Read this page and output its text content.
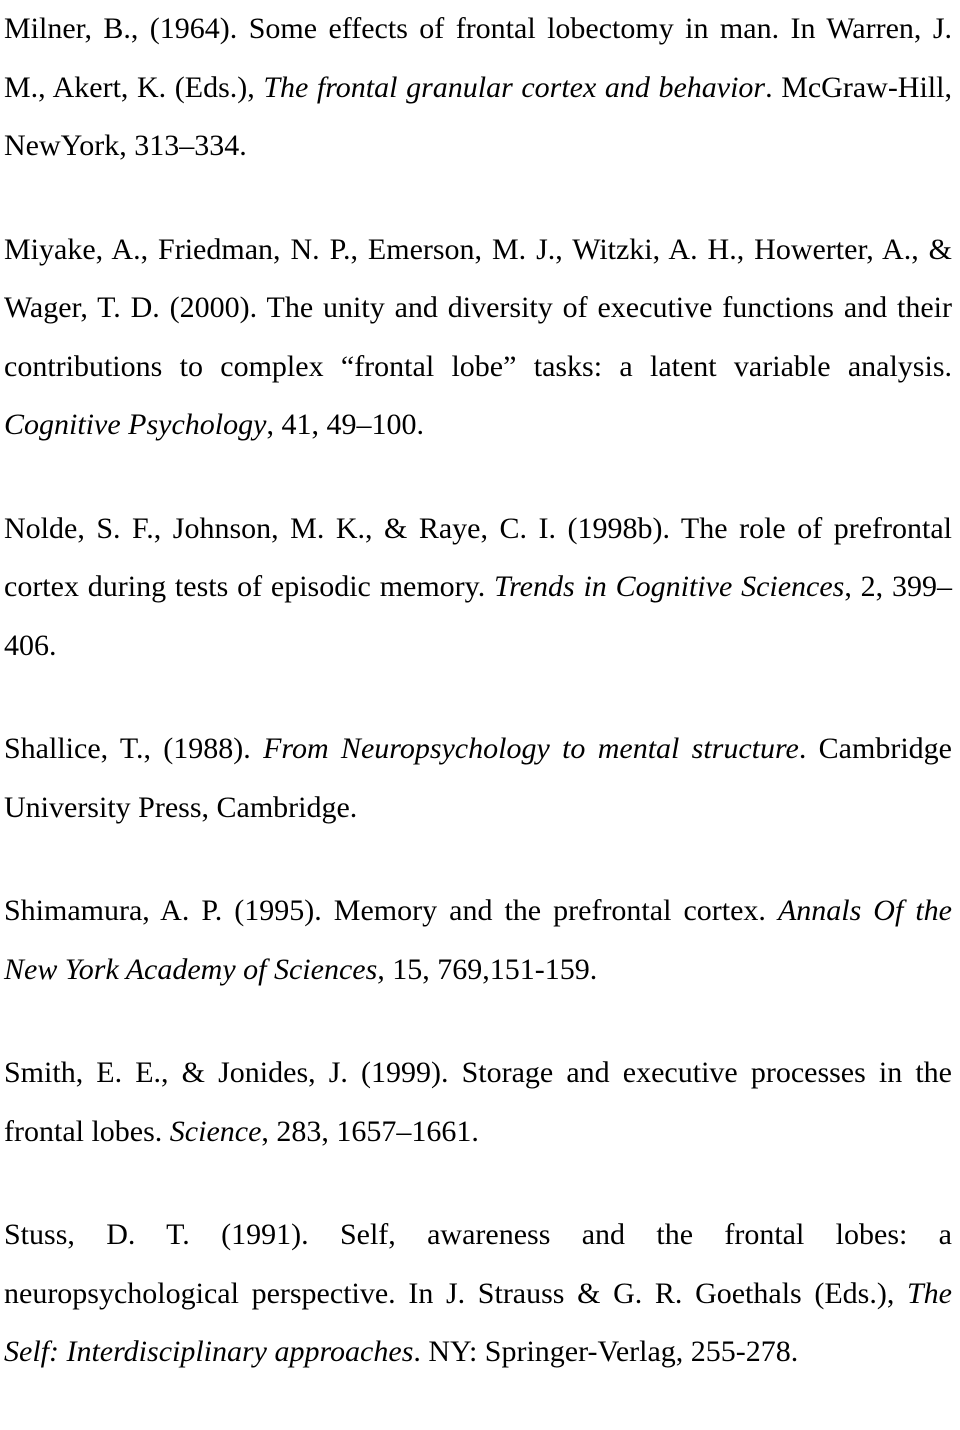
Milner, B., (1964). Some effects of frontal lobectomy in man. In Warren, J. M., Akert, K. (Eds.), The frontal granular cortex and behavior. McGraw-Hill, NewYork, 313–334.

Miyake, A., Friedman, N. P., Emerson, M. J., Witzki, A. H., Howerter, A., & Wager, T. D. (2000). The unity and diversity of executive functions and their contributions to complex “frontal lobe” tasks: a latent variable analysis. Cognitive Psychology, 41, 49–100.

Nolde, S. F., Johnson, M. K., & Raye, C. I. (1998b). The role of prefrontal cortex during tests of episodic memory. Trends in Cognitive Sciences, 2, 399–406.

Shallice, T., (1988). From Neuropsychology to mental structure. Cambridge University Press, Cambridge.

Shimamura, A. P. (1995). Memory and the prefrontal cortex. Annals Of the New York Academy of Sciences, 15, 769,151-159.

Smith, E. E., & Jonides, J. (1999). Storage and executive processes in the frontal lobes. Science, 283, 1657–1661.

Stuss, D. T. (1991). Self, awareness and the frontal lobes: a neuropsychological perspective. In J. Strauss & G. R. Goethals (Eds.), The Self: Interdisciplinary approaches. NY: Springer-Verlag, 255-278.
